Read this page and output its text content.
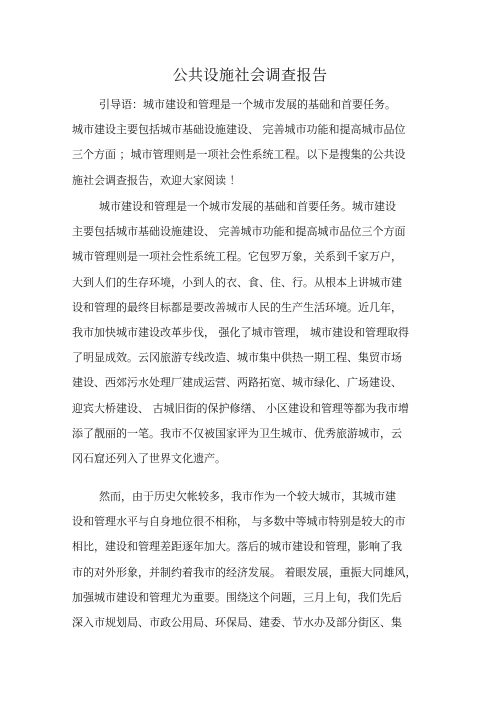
公共设施社会调查报告
引导语：城市建设和管理是一个城市发展的基础和首要任务。
城市建设主要包括城市基础设施建设、 完善城市功能和提高城市品位
三个方面 ；城市管理则是一项社会性系统工程。以下是搜集的公共设
施社会调查报告，欢迎大家阅读 ！
城市建设和管理是一个城市发展的基础和首要任务。城市建设
主要包括城市基础设施建设、 完善城市功能和提高城市品位三个方面
城市管理则是一项社会性系统工程。它包罗万象，关系到千家万户，
大到人们的生存环境，小到人的衣、食、住、行。从根本上讲城市建
设和管理的最终目标都是要改善城市人民的生产生活环境。近几年，
我市加快城市建设改革步伐， 强化了城市管理， 城市建设和管理取得
了明显成效。云冈旅游专线改造、城市集中供热一期工程、集贸市场
建设、西郊污水处理厂建成运营、两路拓宽、城市绿化、广场建设、
迎宾大桥建设、 古城旧街的保护修缮、 小区建设和管理等都为我市增
添了靓丽的一笔。我市不仅被国家评为卫生城市、优秀旅游城市，云
冈石窟还列入了世界文化遗产。
然而，由于历史欠帐较多，我市作为一个较大城市，其城市建
设和管理水平与自身地位很不相称， 与多数中等城市特别是较大的市
相比，建设和管理差距逐年加大。落后的城市建设和管理，影响了我
市的对外形象，并制约着我市的经济发展。 着眼发展，重振大同雄风，
加强城市建设和管理尤为重要。围绕这个问题，三月上旬，我们先后
深入市规划局、市政公用局、环保局、建委、节水办及部分街区、集
